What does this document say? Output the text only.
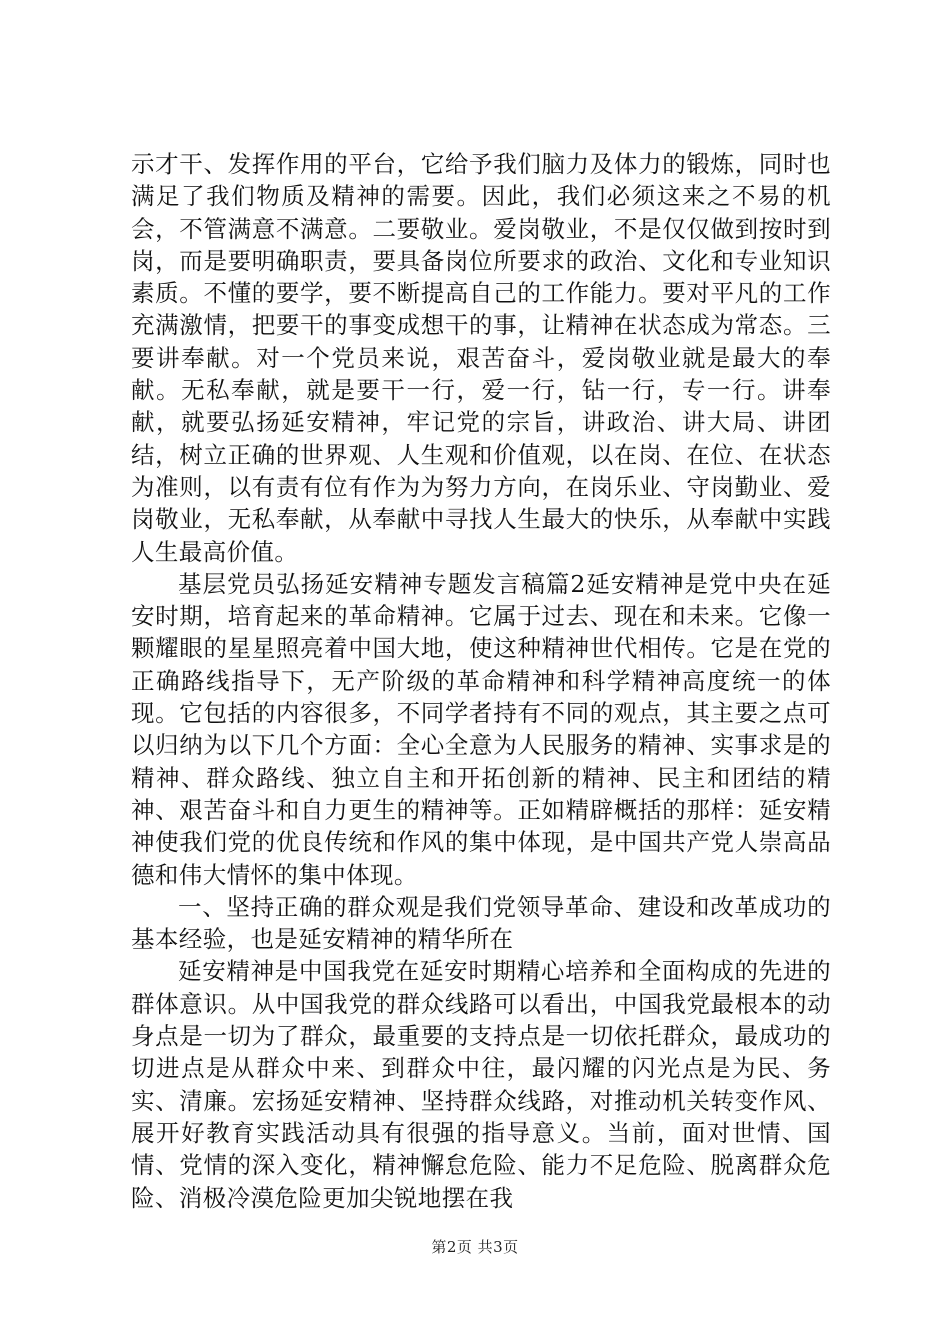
示才干、发挥作用的平台，它给予我们脑力及体力的锻炼，同时也满足了我们物质及精神的需要。因此，我们必须这来之不易的机会，不管满意不满意。二要敬业。爱岗敬业，不是仅仅做到按时到岗，而是要明确职责，要具备岗位所要求的政治、文化和专业知识素质。不懂的要学，要不断提高自己的工作能力。要对平凡的工作充满激情，把要干的事变成想干的事，让精神在状态成为常态。三要讲奉献。对一个党员来说，艰苦奋斗，爱岗敬业就是最大的奉献。无私奉献，就是要干一行，爱一行，钻一行，专一行。讲奉献，就要弘扬延安精神，牢记党的宗旨，讲政治、讲大局、讲团结，树立正确的世界观、人生观和价值观，以在岗、在位、在状态为准则，以有责有位有作为为努力方向，在岗乐业、守岗勤业、爱岗敬业，无私奉献，从奉献中寻找人生最大的快乐，从奉献中实践人生最高价值。

基层党员弘扬延安精神专题发言稿篇2延安精神是党中央在延安时期，培育起来的革命精神。它属于过去、现在和未来。它像一颗耀眼的星星照亮着中国大地，使这种精神世代相传。它是在党的正确路线指导下，无产阶级的革命精神和科学精神高度统一的体现。它包括的内容很多，不同学者持有不同的观点，其主要之点可以归纳为以下几个方面：全心全意为人民服务的精神、实事求是的精神、群众路线、独立自主和开拓创新的精神、民主和团结的精神、艰苦奋斗和自力更生的精神等。正如精辟概括的那样：延安精神使我们党的优良传统和作风的集中体现，是中国共产党人崇高品德和伟大情怀的集中体现。

一、坚持正确的群众观是我们党领导革命、建设和改革成功的基本经验，也是延安精神的精华所在

延安精神是中国我党在延安时期精心培养和全面构成的先进的群体意识。从中国我党的群众线路可以看出，中国我党最根本的动身点是一切为了群众，最重要的支持点是一切依托群众，最成功的切进点是从群众中来、到群众中往，最闪耀的闪光点是为民、务实、清廉。宏扬延安精神、坚持群众线路，对推动机关转变作风、展开好教育实践活动具有很强的指导意义。当前，面对世情、国情、党情的深入变化，精神懈怠危险、能力不足危险、脱离群众危险、消极冷漠危险更加尖锐地摆在我

第2页 共3页
